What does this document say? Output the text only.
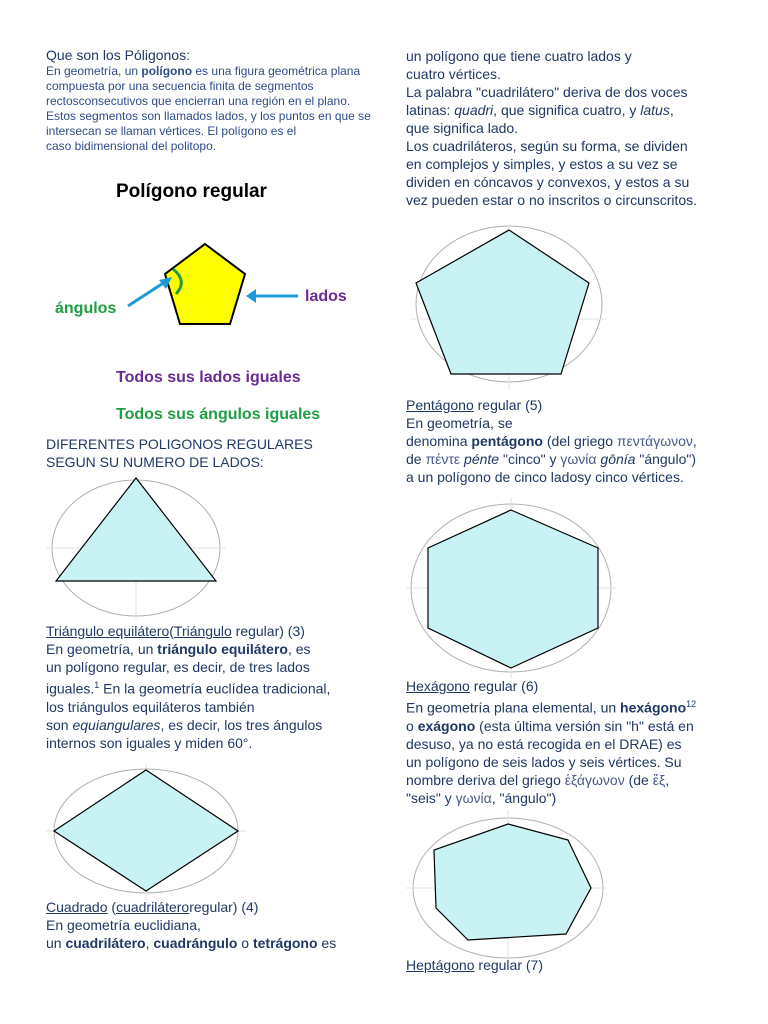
Que son los Póligonos:
En geometría, un polígono es una figura geométrica plana compuesta por una secuencia finita de segmentos rectosconsecutivos que encierran una región en el plano. Estos segmentos son llamados lados, y los puntos en que se intersecan se llaman vértices. El polígono es el
caso bidimensional del politopo.
Polígono regular
ángulos
lados
Todos sus lados iguales
Todos sus ángulos iguales
DIFERENTES POLIGONOS REGULARES
SEGUN SU NUMERO DE LADOS:
Triángulo equilátero(Triángulo regular) (3)
En geometría, un triángulo equilátero, es
un polígono regular, es decir, de tres lados
iguales.$^1$ En la geometría euclídea tradicional,
los triángulos equiláteros también
son equiangulares, es decir, los tres ángulos
internos son iguales y miden 60°.
Cuadrado (cuadriláteroregular) (4)
En geometría euclidiana,
un cuadrilátero, cuadrángulo o tetrágono es
un polígono que tiene cuatro lados y
cuatro vértices.
La palabra "cuadrilátero" deriva de dos voces
latinas: quadri, que significa cuatro, y latus,
que significa lado.
Los cuadriláteros, según su forma, se dividen
en complejos y simples, y estos a su vez se
dividen en cóncavos y convexos, y estos a su
vez pueden estar o no inscritos o circunscritos.
Pentágono regular (5)
En geometría, se
denomina pentágono (del griego πεντάγωνον,
de πέντε pénte "cinco" y γωνία gōnía "ángulo")
a un polígono de cinco ladosy cinco vértices.
Hexágono regular (6)
En geometría plana elemental, un hexágono$^{12}$
o exágono (esta última versión sin "h" está en
desuso, ya no está recogida en el DRAE) es
un polígono de seis lados y seis vértices. Su
nombre deriva del griego ἑξάγωνον (de ἕξ,
"seis" y γωνία, "ángulo")
Heptágono regular (7)
